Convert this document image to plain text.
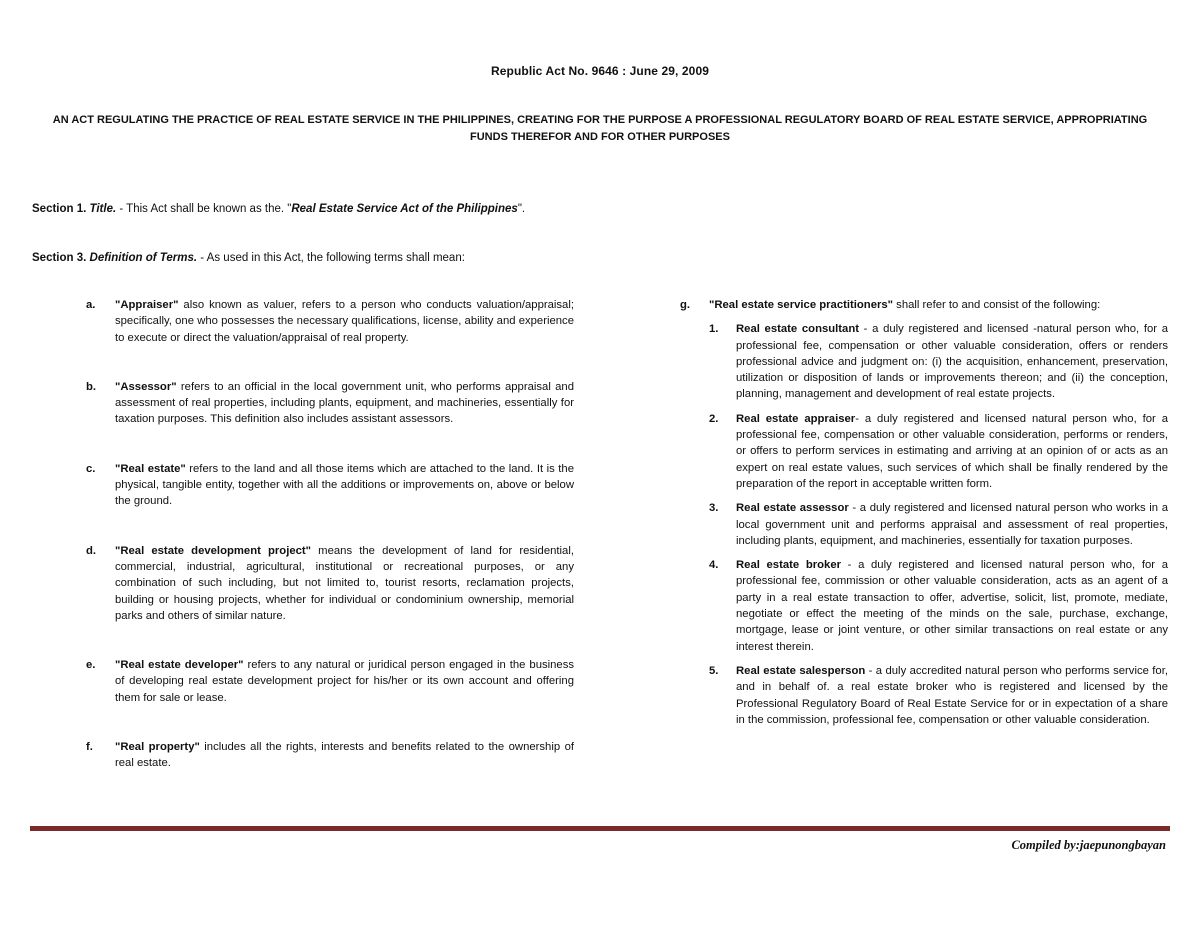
Republic Act No. 9646 : June 29, 2009
AN ACT REGULATING THE PRACTICE OF REAL ESTATE SERVICE IN THE PHILIPPINES, CREATING FOR THE PURPOSE A PROFESSIONAL REGULATORY BOARD OF REAL ESTATE SERVICE, APPROPRIATING FUNDS THEREFOR AND FOR OTHER PURPOSES
Section 1. Title. - This Act shall be known as the. "Real Estate Service Act of the Philippines".
Section 3. Definition of Terms. - As used in this Act, the following terms shall mean:
a. "Appraiser" also known as valuer, refers to a person who conducts valuation/appraisal; specifically, one who possesses the necessary qualifications, license, ability and experience to execute or direct the valuation/appraisal of real property.
b. "Assessor" refers to an official in the local government unit, who performs appraisal and assessment of real properties, including plants, equipment, and machineries, essentially for taxation purposes. This definition also includes assistant assessors.
c. "Real estate" refers to the land and all those items which are attached to the land. It is the physical, tangible entity, together with all the additions or improvements on, above or below the ground.
d. "Real estate development project" means the development of land for residential, commercial, industrial, agricultural, institutional or recreational purposes, or any combination of such including, but not limited to, tourist resorts, reclamation projects, building or housing projects, whether for individual or condominium ownership, memorial parks and others of similar nature.
e. "Real estate developer" refers to any natural or juridical person engaged in the business of developing real estate development project for his/her or its own account and offering them for sale or lease.
f. "Real property" includes all the rights, interests and benefits related to the ownership of real estate.
g. "Real estate service practitioners" shall refer to and consist of the following:
1. Real estate consultant - a duly registered and licensed -natural person who, for a professional fee, compensation or other valuable consideration, offers or renders professional advice and judgment on: (i) the acquisition, enhancement, preservation, utilization or disposition of lands or improvements thereon; and (ii) the conception, planning, management and development of real estate projects.
2. Real estate appraiser- a duly registered and licensed natural person who, for a professional fee, compensation or other valuable consideration, performs or renders, or offers to perform services in estimating and arriving at an opinion of or acts as an expert on real estate values, such services of which shall be finally rendered by the preparation of the report in acceptable written form.
3. Real estate assessor - a duly registered and licensed natural person who works in a local government unit and performs appraisal and assessment of real properties, including plants, equipment, and machineries, essentially for taxation purposes.
4. Real estate broker - a duly registered and licensed natural person who, for a professional fee, commission or other valuable consideration, acts as an agent of a party in a real estate transaction to offer, advertise, solicit, list, promote, mediate, negotiate or effect the meeting of the minds on the sale, purchase, exchange, mortgage, lease or joint venture, or other similar transactions on real estate or any interest therein.
5. Real estate salesperson - a duly accredited natural person who performs service for, and in behalf of. a real estate broker who is registered and licensed by the Professional Regulatory Board of Real Estate Service for or in expectation of a share in the commission, professional fee, compensation or other valuable consideration.
Compiled by:jaepunongbayan
